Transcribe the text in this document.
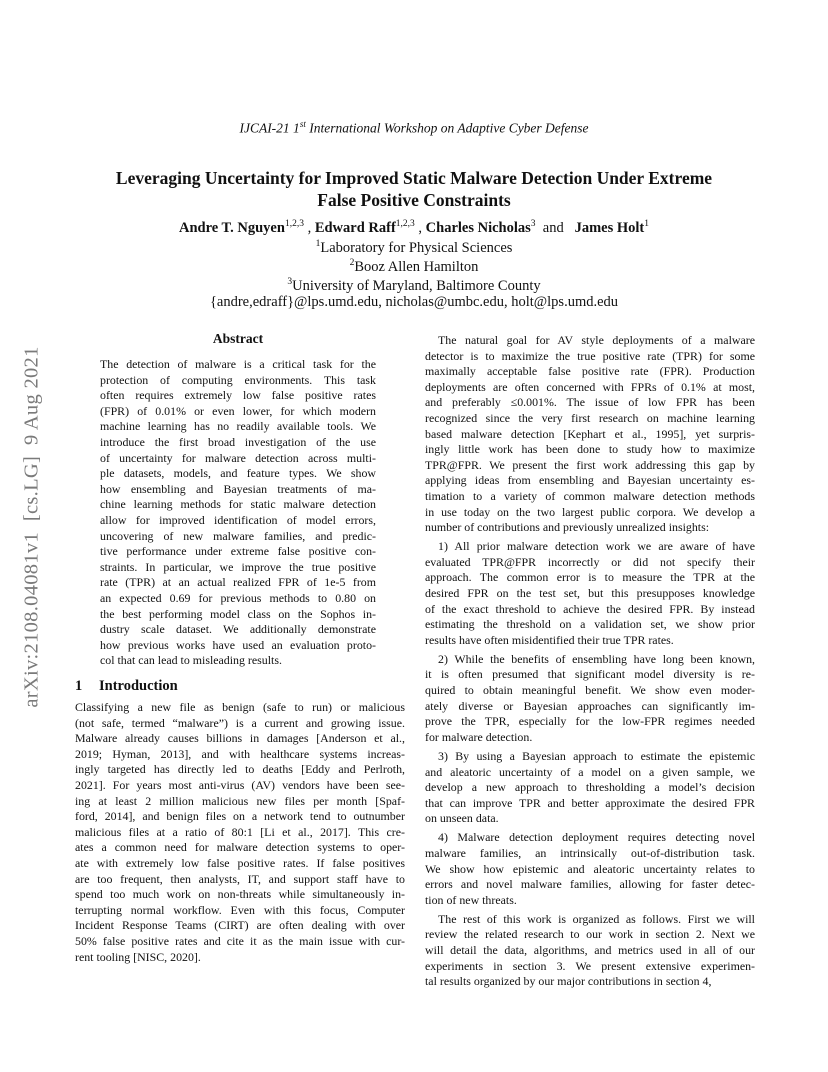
IJCAI-21 1st International Workshop on Adaptive Cyber Defense
Leveraging Uncertainty for Improved Static Malware Detection Under Extreme
False Positive Constraints
Andre T. Nguyen$^{1,2,3}$ , Edward Raff$^{1,2,3}$ , Charles Nicholas$^3$  and   James Holt$^1$
$^1$Laboratory for Physical Sciences
$^2$Booz Allen Hamilton
$^3$University of Maryland, Baltimore County
{andre,edraff}@lps.umd.edu, nicholas@umbc.edu, holt@lps.umd.edu
arXiv:2108.04081v1  [cs.LG]  9 Aug 2021
Abstract

The detection of malware is a critical task for the

protection of computing environments. This task

often requires extremely low false positive rates

(FPR) of 0.01% or even lower, for which modern

machine learning has no readily available tools. We

introduce the first broad investigation of the use

of uncertainty for malware detection across multi-

ple datasets, models, and feature types. We show

how ensembling and Bayesian treatments of ma-

chine learning methods for static malware detection

allow for improved identification of model errors,

uncovering of new malware families, and predic-

tive performance under extreme false positive con-

straints. In particular, we improve the true positive

rate (TPR) at an actual realized FPR of 1e-5 from

an expected 0.69 for previous methods to 0.80 on

the best performing model class on the Sophos in-

dustry scale dataset. We additionally demonstrate

how previous works have used an evaluation proto-

col that can lead to misleading results.

1 Introduction

Classifying a new file as benign (safe to run) or malicious

(not safe, termed “malware”) is a current and growing issue.

Malware already causes billions in damages [Anderson et al.,

2019; Hyman, 2013], and with healthcare systems increas-

ingly targeted has directly led to deaths [Eddy and Perlroth,

2021]. For years most anti-virus (AV) vendors have been see-

ing at least 2 million malicious new files per month [Spaf-

ford, 2014], and benign files on a network tend to outnumber

malicious files at a ratio of 80:1 [Li et al., 2017]. This cre-

ates a common need for malware detection systems to oper-

ate with extremely low false positive rates. If false positives

are too frequent, then analysts, IT, and support staff have to

spend too much work on non-threats while simultaneously in-

terrupting normal workflow. Even with this focus, Computer

Incident Response Teams (CIRT) are often dealing with over

50% false positive rates and cite it as the main issue with cur-

rent tooling [NISC, 2020].

The natural goal for AV style deployments of a malware

detector is to maximize the true positive rate (TPR) for some

maximally acceptable false positive rate (FPR). Production

deployments are often concerned with FPRs of 0.1% at most,

and preferably ≤0.001%. The issue of low FPR has been

recognized since the very first research on machine learning

based malware detection [Kephart et al., 1995], yet surpris-

ingly little work has been done to study how to maximize

TPR@FPR. We present the first work addressing this gap by

applying ideas from ensembling and Bayesian uncertainty es-

timation to a variety of common malware detection methods

in use today on the two largest public corpora. We develop a

number of contributions and previously unrealized insights:

1) All prior malware detection work we are aware of have

evaluated TPR@FPR incorrectly or did not specify their

approach. The common error is to measure the TPR at the

desired FPR on the test set, but this presupposes knowledge

of the exact threshold to achieve the desired FPR. By instead

estimating the threshold on a validation set, we show prior

results have often misidentified their true TPR rates.

2) While the benefits of ensembling have long been known,

it is often presumed that significant model diversity is re-

quired to obtain meaningful benefit. We show even moder-

ately diverse or Bayesian approaches can significantly im-

prove the TPR, especially for the low-FPR regimes needed

for malware detection.

3) By using a Bayesian approach to estimate the epistemic

and aleatoric uncertainty of a model on a given sample, we

develop a new approach to thresholding a model’s decision

that can improve TPR and better approximate the desired FPR

on unseen data.

4) Malware detection deployment requires detecting novel

malware families, an intrinsically out-of-distribution task.

We show how epistemic and aleatoric uncertainty relates to

errors and novel malware families, allowing for faster detec-

tion of new threats.

The rest of this work is organized as follows. First we will

review the related research to our work in section 2. Next we

will detail the data, algorithms, and metrics used in all of our

experiments in section 3. We present extensive experimen-

tal results organized by our major contributions in section 4,
